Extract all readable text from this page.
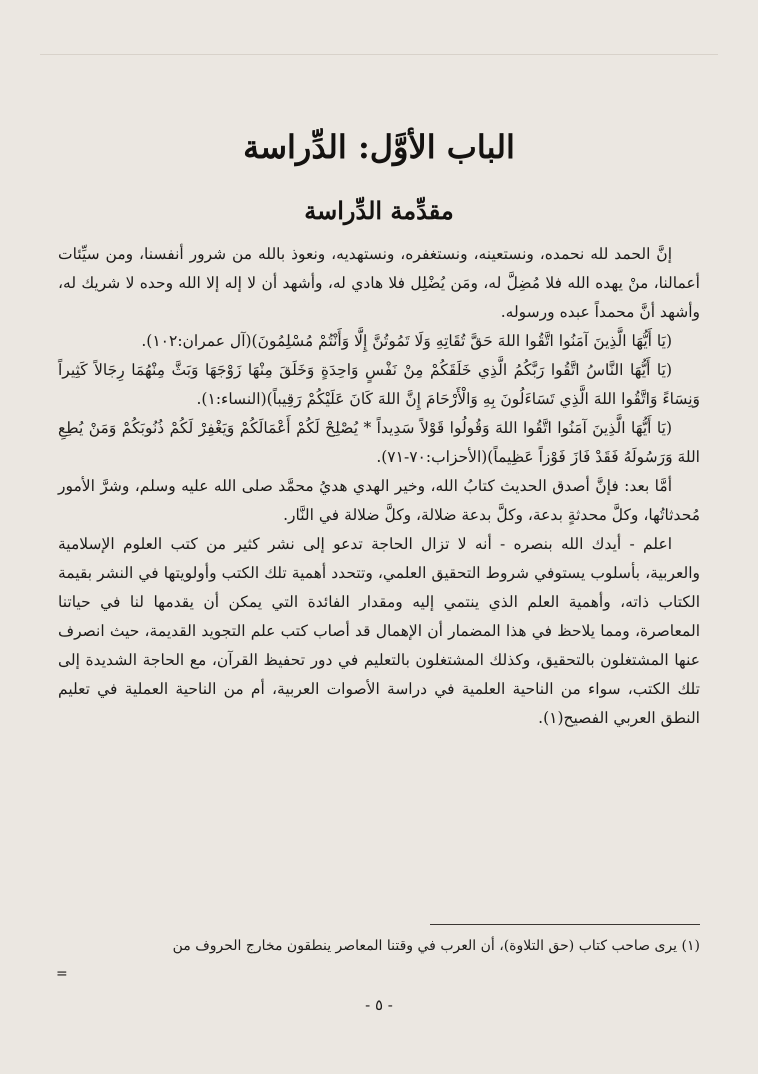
الباب الأوَّل: الدِّراسة
مقدِّمة الدِّراسة

إنَّ الحمد لله نحمده، ونستعينه، ونستغفره، ونستهديه، ونعوذ بالله من شرور أنفسنا، ومن سيِّئات أعمالنا، منْ يهده الله فلا مُضِلَّ له، ومَن يُضْلِل فلا هادي له، وأشهد أن لا إله إلا الله وحده لا شريك له، وأشهد أنَّ محمداً عبده ورسوله.

(يَا أَيُّهَا الَّذِينَ آمَنُوا اتَّقُوا اللهَ حَقَّ تُقَاتِهِ وَلَا تَمُوتُنَّ إِلَّا وَأَنْتُمْ مُسْلِمُونَ)(آل عمران:١٠٢).

(يَا أَيُّهَا النَّاسُ اتَّقُوا رَبَّكُمُ الَّذِي خَلَقَكُمْ مِنْ نَفْسٍ وَاحِدَةٍ وَخَلَقَ مِنْهَا زَوْجَهَا وَبَثَّ مِنْهُمَا رِجَالاً كَثِيراً وَنِسَاءً وَاتَّقُوا اللهَ الَّذِي تَسَاءَلُونَ بِهِ وَالْأَرْحَامَ إِنَّ اللهَ كَانَ عَلَيْكُمْ رَقِيباً)(النساء:١).

(يَا أَيُّهَا الَّذِينَ آمَنُوا اتَّقُوا اللهَ وَقُولُوا قَوْلاً سَدِيداً * يُصْلِحْ لَكُمْ أَعْمَالَكُمْ وَيَغْفِرْ لَكُمْ ذُنُوبَكُمْ وَمَنْ يُطِعِ اللهَ وَرَسُولَهُ فَقَدْ فَازَ فَوْزاً عَظِيماً)(الأحزاب:٧٠-٧١).

أمَّا بعد: فإنَّ أصدق الحديث كتابُ الله، وخير الهدي هديُ محمَّد صلى الله عليه وسلم، وشرَّ الأمور مُحدثاتُها، وكلَّ محدثةٍ بدعة، وكلَّ بدعة ضلالة، وكلَّ ضلالة في النَّار.

اعلم - أيدك الله بنصره - أنه لا تزال الحاجة تدعو إلى نشر كثير من كتب العلوم الإسلامية والعربية، بأسلوب يستوفي شروط التحقيق العلمي، وتتحدد أهمية تلك الكتب وأولويتها في النشر بقيمة الكتاب ذاته، وأهمية العلم الذي ينتمي إليه ومقدار الفائدة التي يمكن أن يقدمها لنا في حياتنا المعاصرة، ومما يلاحظ في هذا المضمار أن الإهمال قد أصاب كتب علم التجويد القديمة، حيث انصرف عنها المشتغلون بالتحقيق، وكذلك المشتغلون بالتعليم في دور تحفيظ القرآن، مع الحاجة الشديدة إلى تلك الكتب، سواء من الناحية العلمية في دراسة الأصوات العربية، أم من الناحية العملية في تعليم النطق العربي الفصيح(١).

(١) يرى صاحب كتاب (حق التلاوة)، أن العرب في وقتنا المعاصر ينطقون مخارج الحروف من
=
- ٥ -
